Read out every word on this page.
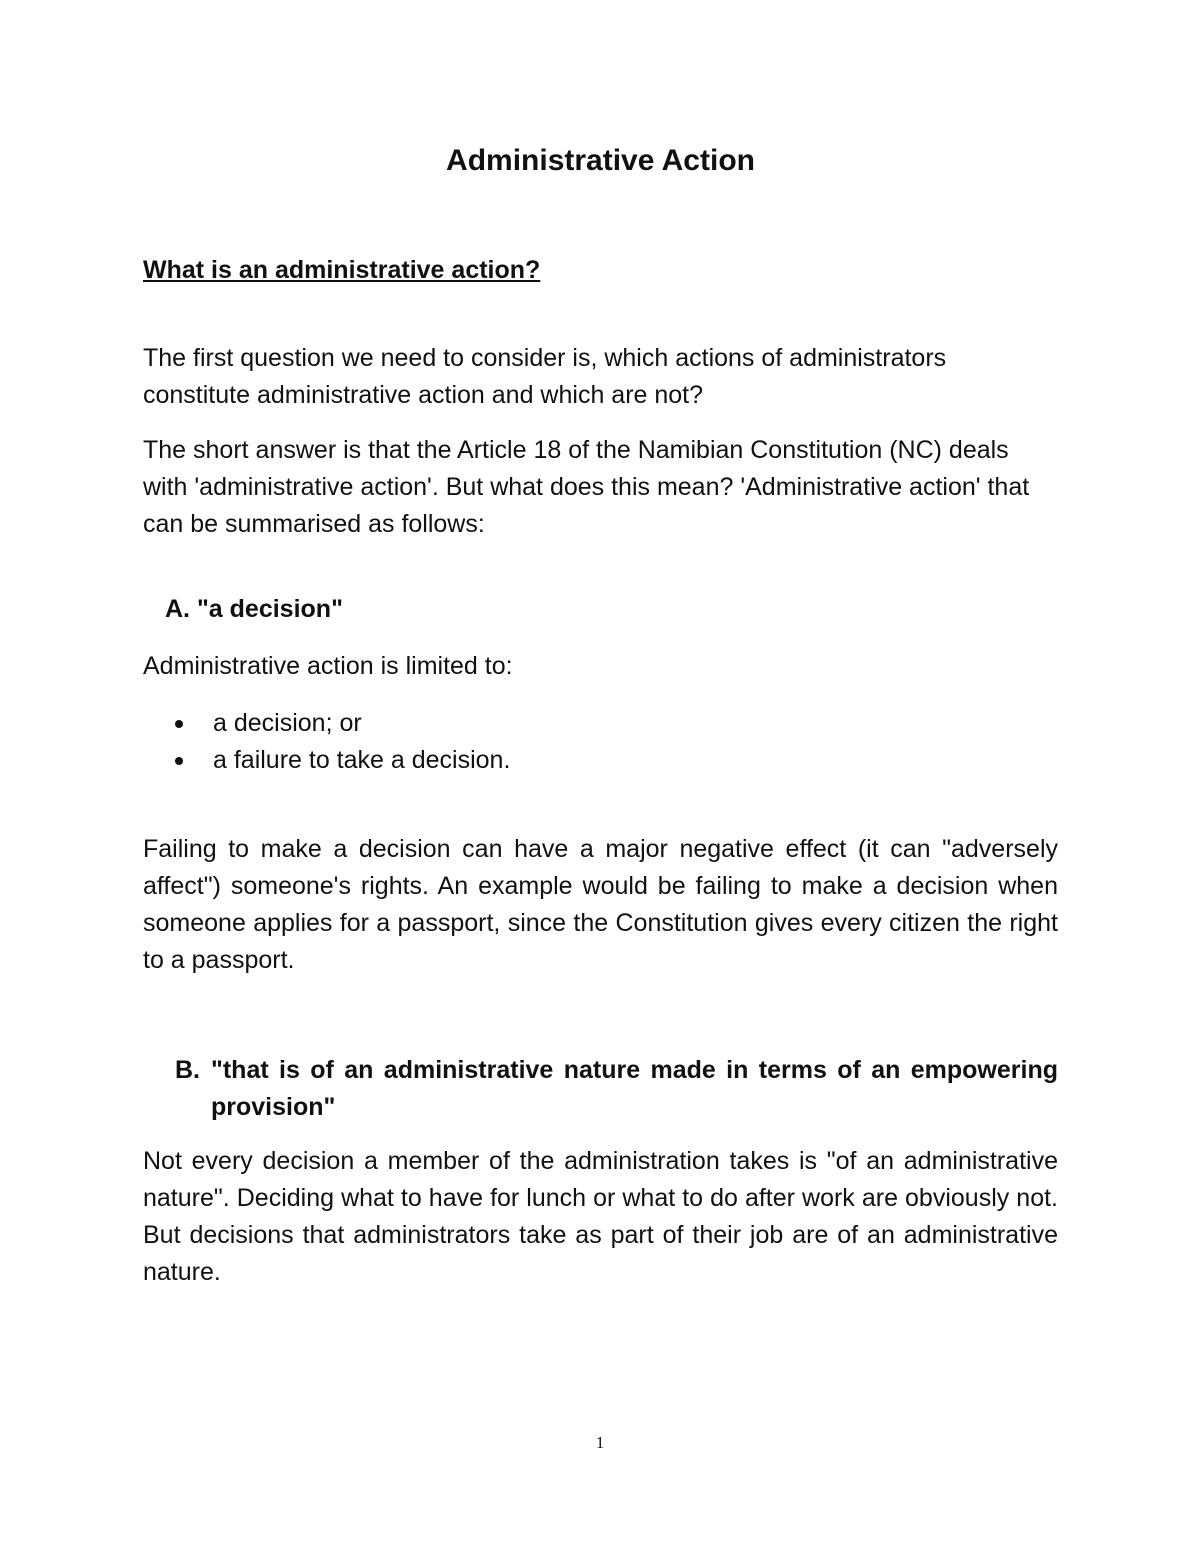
Administrative Action
What is an administrative action?

The first question we need to consider is, which actions of administrators constitute administrative action and which are not?

The short answer is that the Article 18 of the Namibian Constitution (NC) deals with 'administrative action'. But what does this mean? 'Administrative action' that can be summarised as follows:

A. "a decision"

Administrative action is limited to:

a decision; or
a failure to take a decision.

Failing to make a decision can have a major negative effect (it can "adversely affect") someone's rights. An example would be failing to make a decision when someone applies for a passport, since the Constitution gives every citizen the right to a passport.

B. "that is of an administrative nature made in terms of an empowering provision"

Not every decision a member of the administration takes is "of an administrative nature". Deciding what to have for lunch or what to do after work are obviously not. But decisions that administrators take as part of their job are of an administrative nature.

1
